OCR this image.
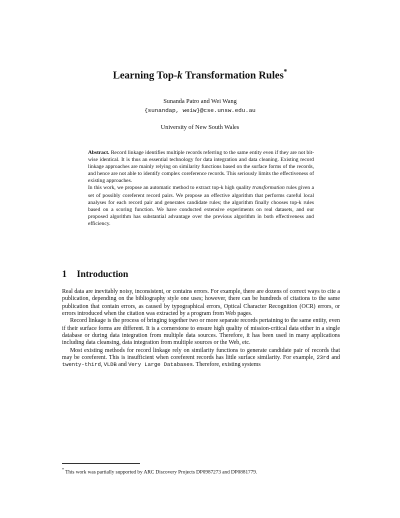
Learning Top-k Transformation Rules*
Sunanda Patro and Wei Wang
{sunandap, weiw}@cse.unsw.edu.au
University of New South Wales

Abstract. Record linkage identifies multiple records referring to the same entity even if they are not bit-wise identical. It is thus an essential technology for data integration and data cleaning. Existing record linkage approaches are mainly relying on similarity functions based on the surface forms of the records, and hence are not able to identify complex coreference records. This seriously limits the effectiveness of existing approaches.

In this work, we propose an automatic method to extract top-k high quality transformation rules given a set of possibly coreferent record pairs. We propose an effective algorithm that performs careful local analyses for each record pair and generates candidate rules; the algorithm finally chooses top-k rules based on a scoring function. We have conducted extensive experiments on real datasets, and our proposed algorithm has substantial advantage over the previous algorithm in both effectiveness and efficiency.

1 Introduction

Real data are inevitably noisy, inconsistent, or contains errors. For example, there are dozens of correct ways to cite a publication, depending on the bibliography style one uses; however, there can be hundreds of citations to the same publication that contain errors, as caused by typographical errors, Optical Character Recognition (OCR) errors, or errors introduced when the citation was extracted by a program from Web pages.

Record linkage is the process of bringing together two or more separate records pertaining to the same entity, even if their surface forms are different. It is a cornerstone to ensure high quality of mission-critical data either in a single database or during data integration from multiple data sources. Therefore, it has been used in many applications including data cleansing, data integration from multiple sources or the Web, etc.

Most existing methods for record linkage rely on similarity functions to generate candidate pair of records that may be coreferent. This is insufficient when coreferent records has little surface similarity. For example, 23rd and twenty-third, VLDB and Very Large Databases. Therefore, existing systems

* This work was partially supported by ARC Discovery Projects DP0987273 and DP0881779.
